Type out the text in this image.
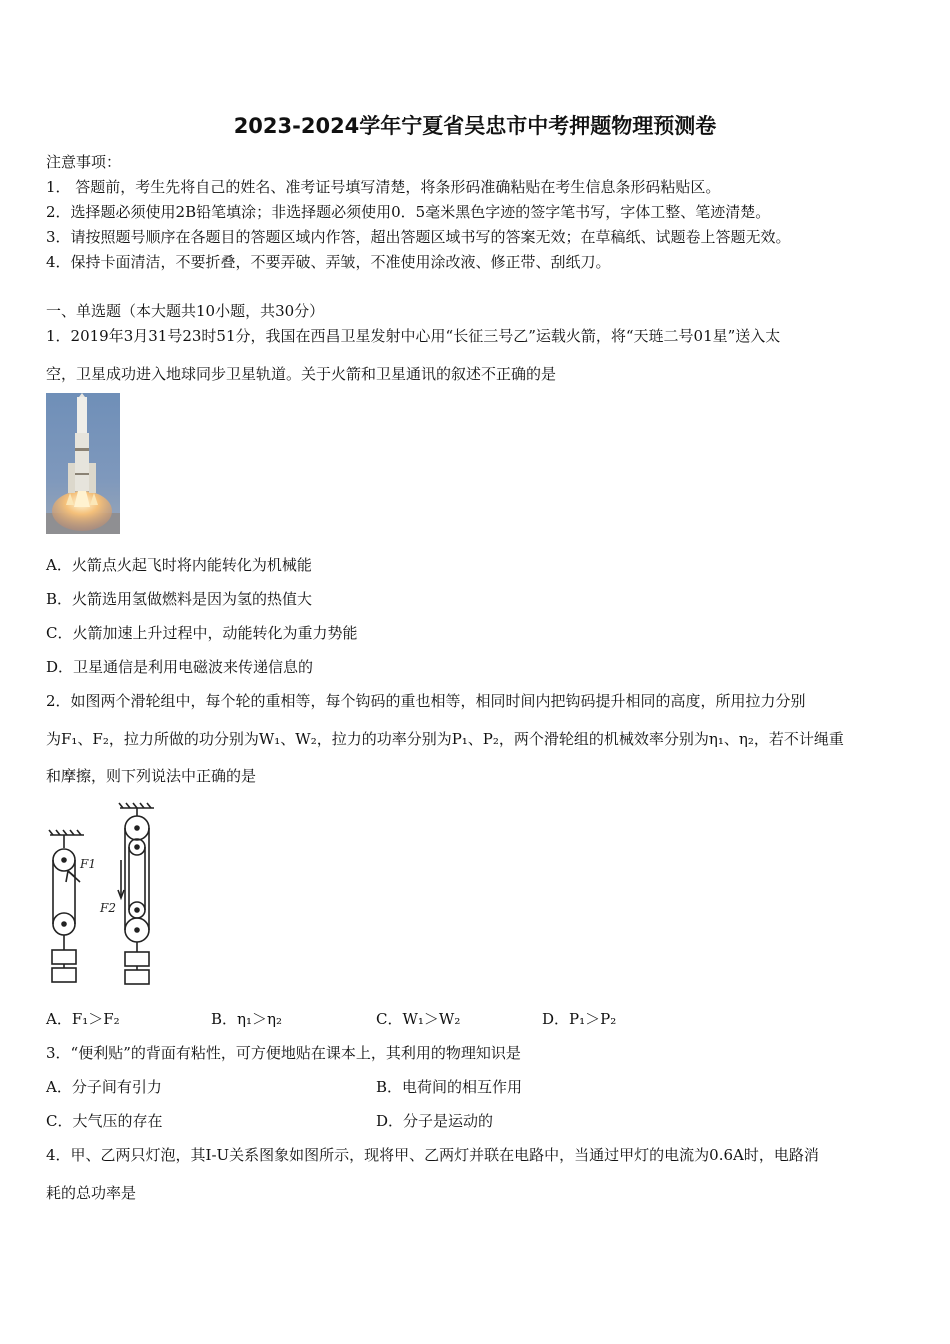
2023-2024学年宁夏省吴忠市中考押题物理预测卷
注意事项：
1． 答题前，考生先将自己的姓名、准考证号填写清楚，将条形码准确粘贴在考生信息条形码粘贴区。
2．选择题必须使用2B铅笔填涂；非选择题必须使用0．5毫米黑色字迹的签字笔书写，字体工整、笔迹清楚。
3．请按照题号顺序在各题目的答题区域内作答，超出答题区域书写的答案无效；在草稿纸、试题卷上答题无效。
4．保持卡面清洁，不要折叠，不要弄破、弄皱，不准使用涂改液、修正带、刮纸刀。
一、单选题（本大题共10小题，共30分）
1．2019年3月31号23时51分，我国在西昌卫星发射中心用“长征三号乙”运载火箭，将“天琏二号01星”送入太
空，卫星成功进入地球同步卫星轨道。关于火箭和卫星通讯的叙述不正确的是
A．火箭点火起飞时将内能转化为机械能
B．火箭选用氢做燃料是因为氢的热值大
C．火箭加速上升过程中，动能转化为重力势能
D．卫星通信是利用电磁波来传递信息的
2．如图两个滑轮组中，每个轮的重相等，每个钩码的重也相等，相同时间内把钩码提升相同的高度，所用拉力分别
为F₁、F₂，拉力所做的功分别为W₁、W₂，拉力的功率分别为P₁、P₂，两个滑轮组的机械效率分别为η₁、η₂，若不计绳重
和摩擦，则下列说法中正确的是
F1
F2
A．F₁＞F₂	B．η₁＞η₂	C．W₁＞W₂	D．P₁＞P₂
3．“便利贴”的背面有粘性，可方便地贴在课本上，其利用的物理知识是
A．分子间有引力	B．电荷间的相互作用
C．大气压的存在	D．分子是运动的
4．甲、乙两只灯泡，其I-U关系图象如图所示，现将甲、乙两灯并联在电路中，当通过甲灯的电流为0.6A时，电路消
耗的总功率是
